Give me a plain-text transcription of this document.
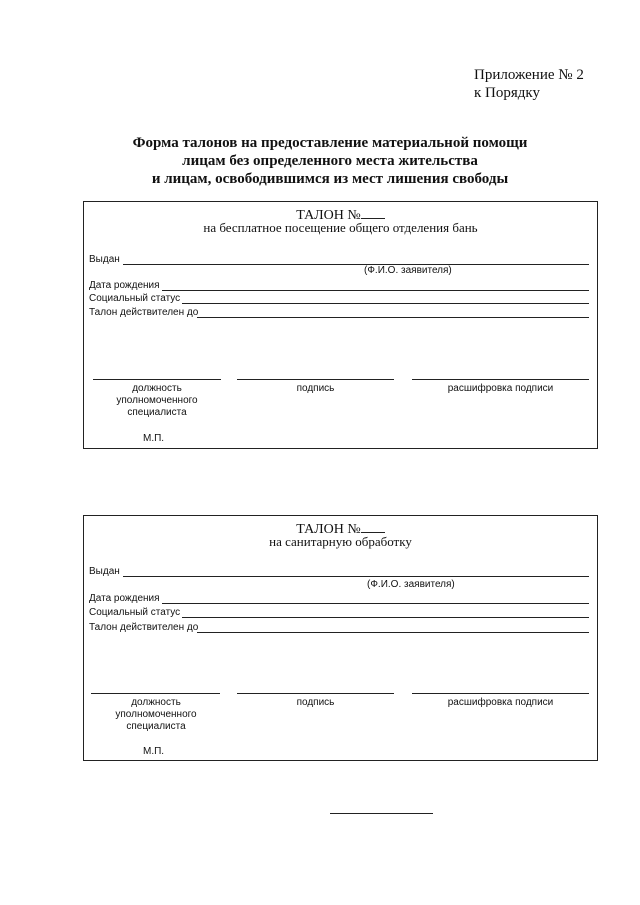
Приложение № 2
к Порядку
Форма талонов на предоставление материальной помощи
лицам без определенного места жительства
и лицам, освободившимся из мест лишения свободы
ТАЛОН №
на бесплатное посещение общего отделения бань
Выдан
(Ф.И.О. заявителя)
Дата рождения
Социальный статус
Талон действителен до
должность
уполномоченного
специалиста
подпись	расшифровка подписи
М.П.
ТАЛОН №
на санитарную обработку
Выдан
(Ф.И.О. заявителя)
Дата рождения
Социальный статус
Талон действителен до
должность
уполномоченного
специалиста
подпись	расшифровка подписи
М.П.
